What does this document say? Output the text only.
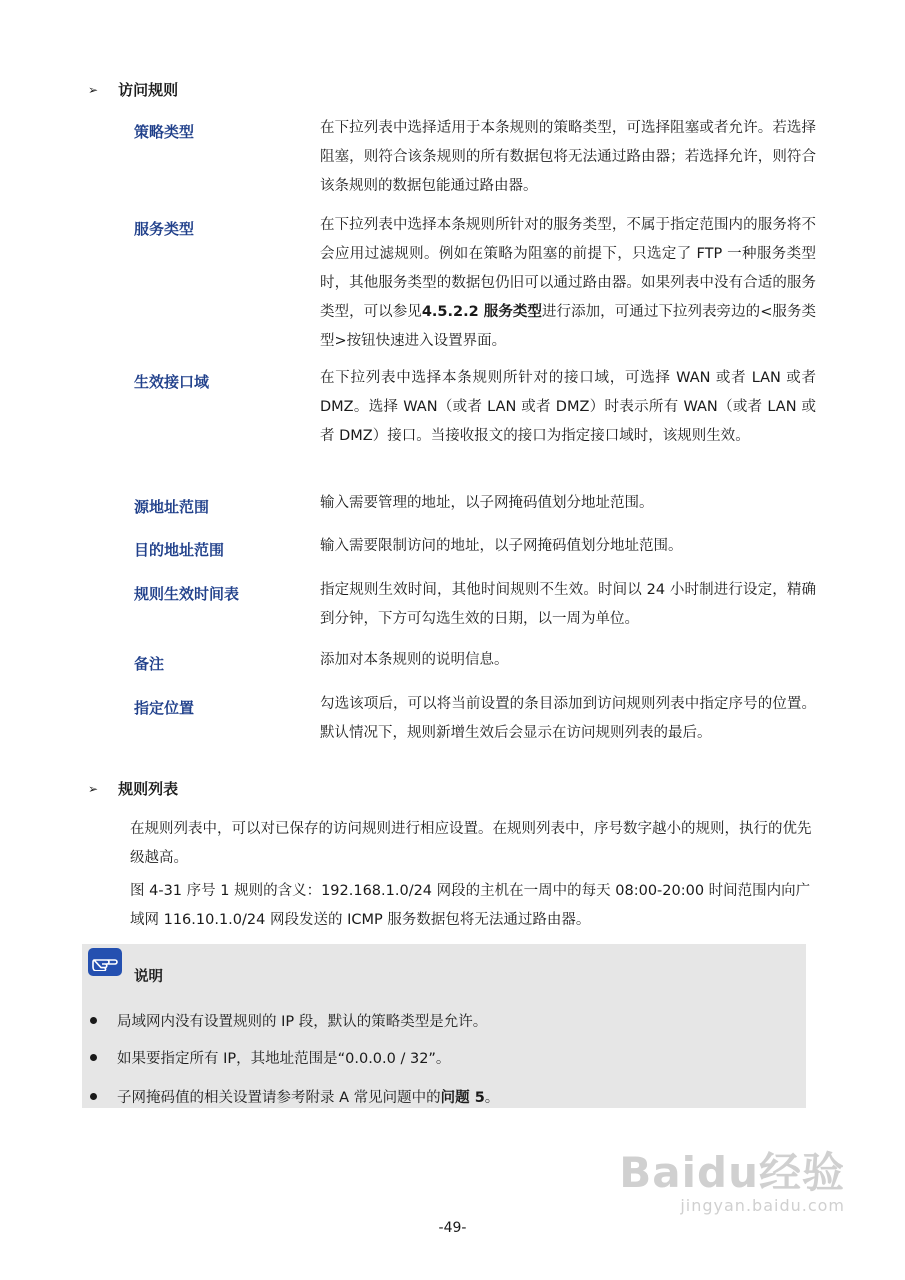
➢ 访问规则
策略类型	在下拉列表中选择适用于本条规则的策略类型，可选择阻塞或者允许。若选择阻塞，则符合该条规则的所有数据包将无法通过路由器；若选择允许，则符合该条规则的数据包能通过路由器。
服务类型	在下拉列表中选择本条规则所针对的服务类型，不属于指定范围内的服务将不会应用过滤规则。例如在策略为阻塞的前提下，只选定了 FTP 一种服务类型时，其他服务类型的数据包仍旧可以通过路由器。如果列表中没有合适的服务类型，可以参见4.5.2.2 服务类型进行添加，可通过下拉列表旁边的<服务类型>按钮快速进入设置界面。
生效接口域	在下拉列表中选择本条规则所针对的接口域，可选择 WAN 或者 LAN 或者 DMZ。选择 WAN（或者 LAN 或者 DMZ）时表示所有 WAN（或者 LAN 或者 DMZ）接口。当接收报文的接口为指定接口域时，该规则生效。
源地址范围	输入需要管理的地址，以子网掩码值划分地址范围。
目的地址范围	输入需要限制访问的地址，以子网掩码值划分地址范围。
规则生效时间表	指定规则生效时间，其他时间规则不生效。时间以 24 小时制进行设定，精确到分钟，下方可勾选生效的日期，以一周为单位。
备注	添加对本条规则的说明信息。
指定位置	勾选该项后，可以将当前设置的条目添加到访问规则列表中指定序号的位置。默认情况下，规则新增生效后会显示在访问规则列表的最后。
➢ 规则列表
在规则列表中，可以对已保存的访问规则进行相应设置。在规则列表中，序号数字越小的规则，执行的优先级越高。
图 4-31 序号 1 规则的含义：192.168.1.0/24 网段的主机在一周中的每天 08:00-20:00 时间范围内向广域网 116.10.1.0/24 网段发送的 ICMP 服务数据包将无法通过路由器。
说明
局域网内没有设置规则的 IP 段，默认的策略类型是允许。
如果要指定所有 IP，其地址范围是“0.0.0.0 / 32”。
子网掩码值的相关设置请参考附录 A 常见问题中的问题 5。
Baidu经验
jingyan.baidu.com
-49-
